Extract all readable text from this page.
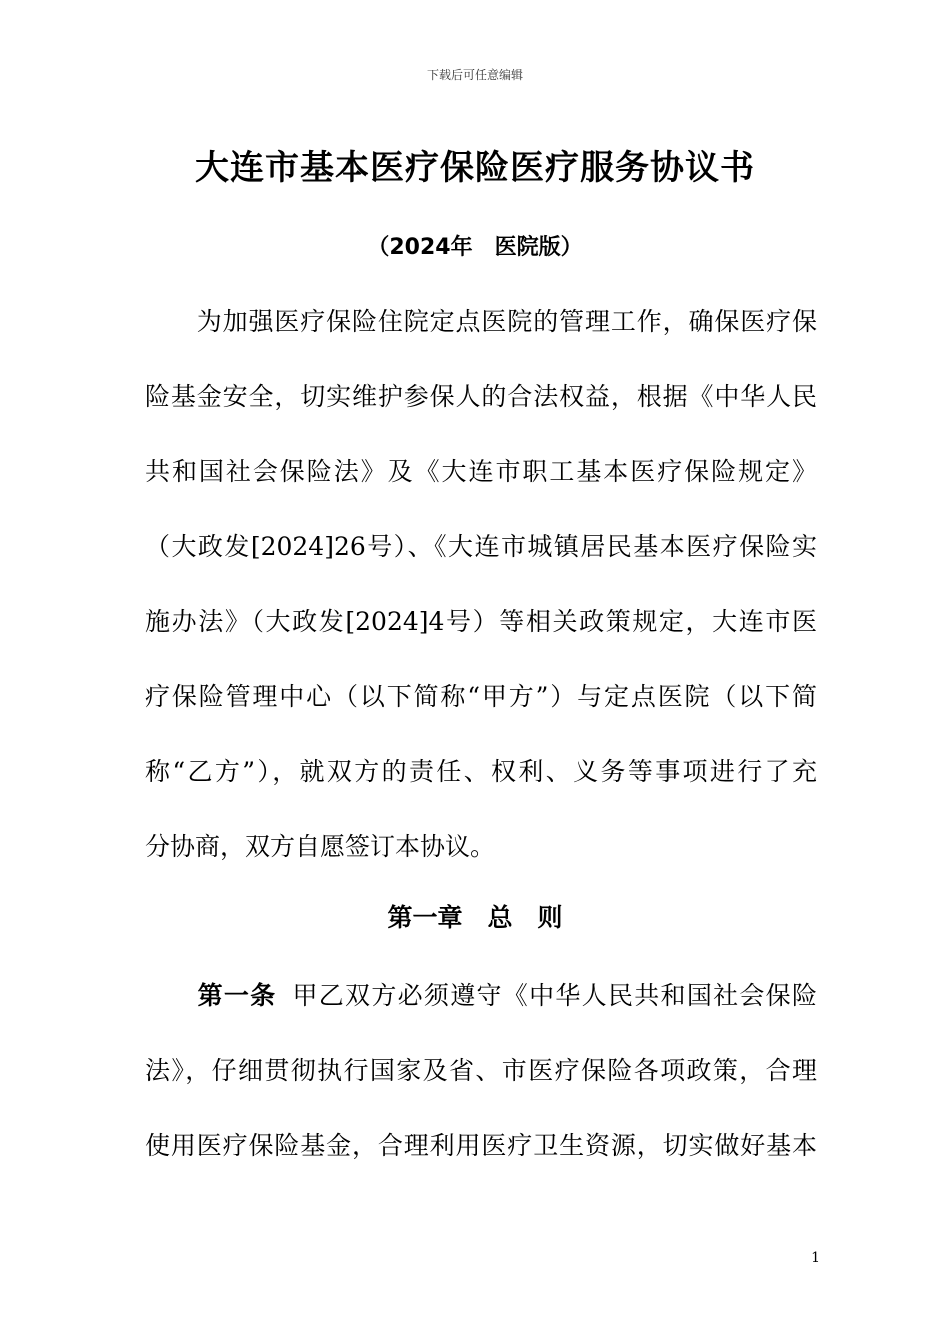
下载后可任意编辑
大连市基本医疗保险医疗服务协议书
（2024年　医院版）
　　为加强医疗保险住院定点医院的管理工作，确保医疗保
险基金安全，切实维护参保人的合法权益，根据《中华人民
共和国社会保险法》及《大连市职工基本医疗保险规定》
（大政发[2024]26号）、《大连市城镇居民基本医疗保险实
施办法》（大政发[2024]4号）等相关政策规定，大连市医
疗保险管理中心（以下简称“甲方”）与定点医院（以下简
称“乙方”），就双方的责任、权利、义务等事项进行了充
分协商，双方自愿签订本协议。
第一章　总　则
　　第一条 甲乙双方必须遵守《中华人民共和国社会保险
法》，仔细贯彻执行国家及省、市医疗保险各项政策，合理
使用医疗保险基金，合理利用医疗卫生资源，切实做好基本
1
